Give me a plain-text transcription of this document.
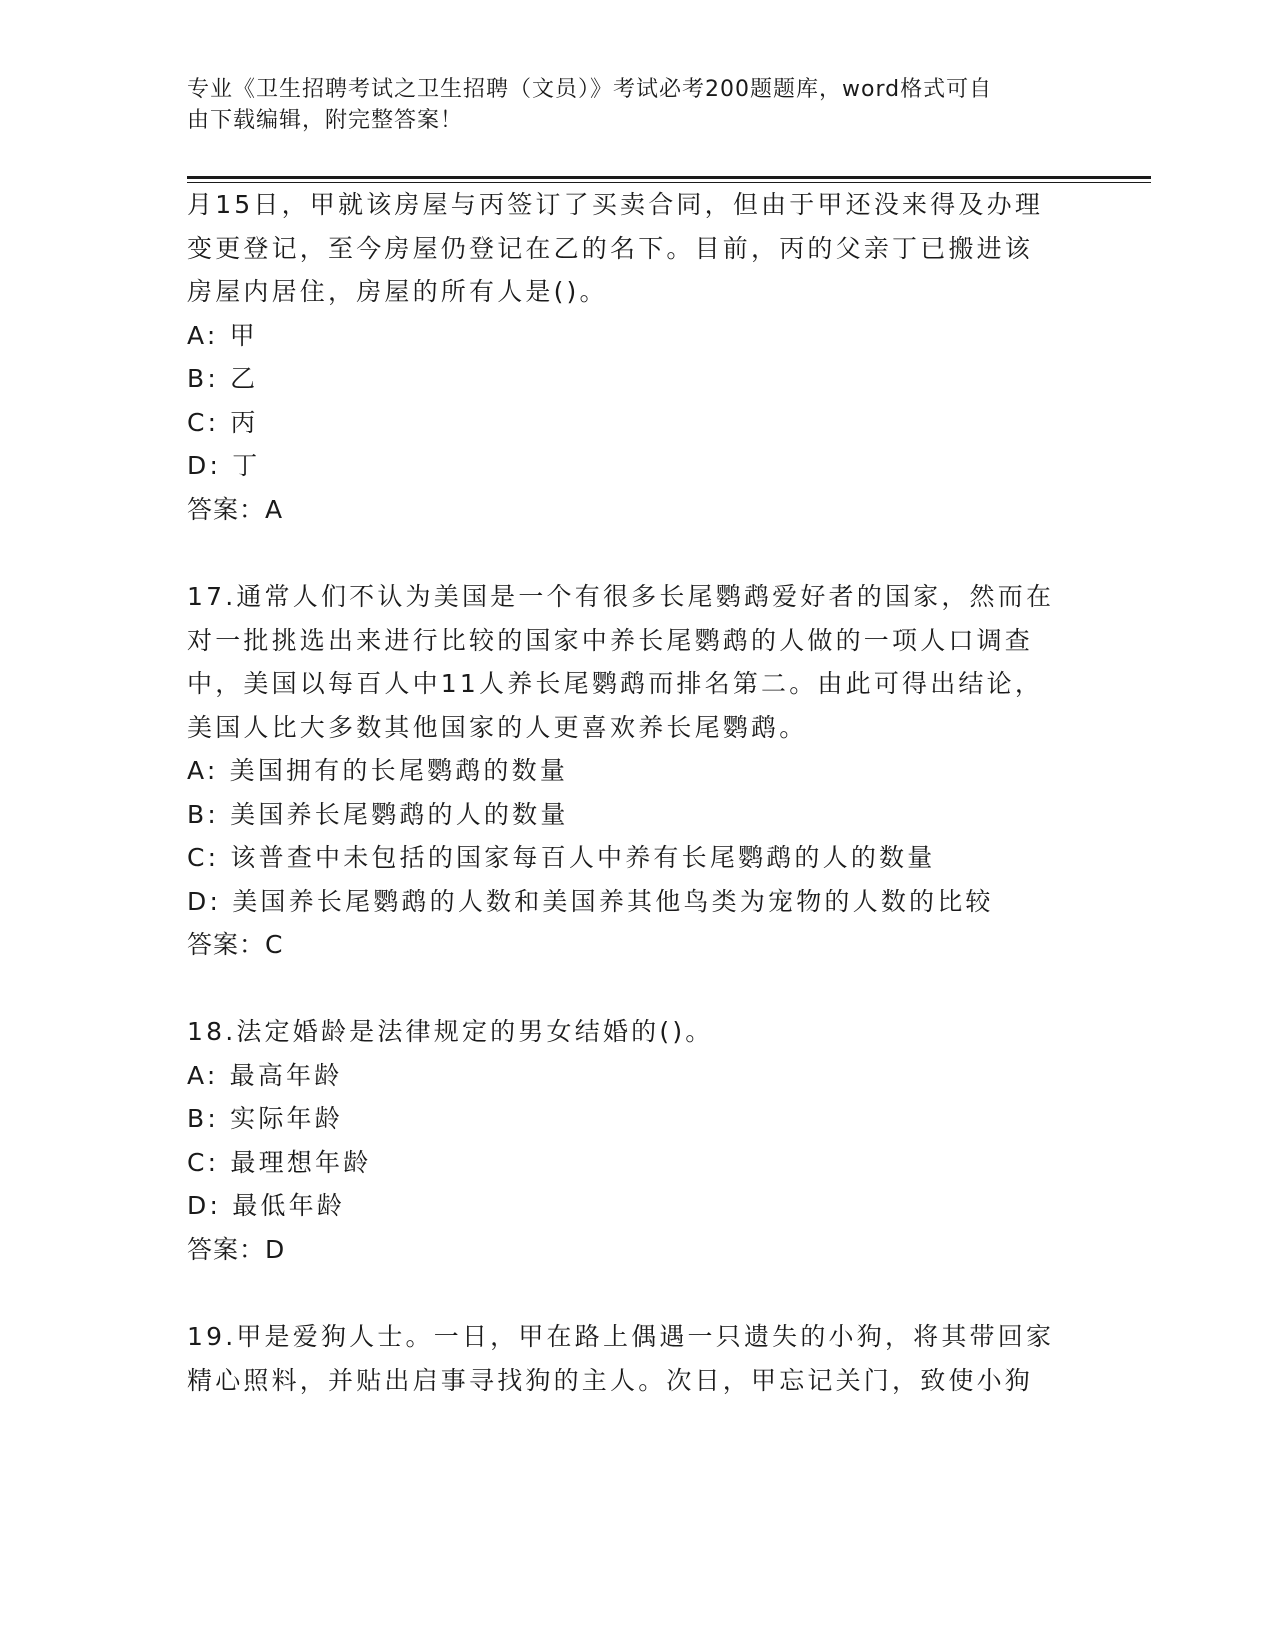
专业《卫生招聘考试之卫生招聘（文员）》考试必考200题题库，word格式可自
由下载编辑，附完整答案！
月15日，甲就该房屋与丙签订了买卖合同，但由于甲还没来得及办理
变更登记，至今房屋仍登记在乙的名下。目前，丙的父亲丁已搬进该
房屋内居住，房屋的所有人是()。
A: 甲
B: 乙
C: 丙
D: 丁
答案：A
17.通常人们不认为美国是一个有很多长尾鹦鹉爱好者的国家，然而在
对一批挑选出来进行比较的国家中养长尾鹦鹉的人做的一项人口调查
中，美国以每百人中11人养长尾鹦鹉而排名第二。由此可得出结论，
美国人比大多数其他国家的人更喜欢养长尾鹦鹉。
A: 美国拥有的长尾鹦鹉的数量
B: 美国养长尾鹦鹉的人的数量
C: 该普查中未包括的国家每百人中养有长尾鹦鹉的人的数量
D: 美国养长尾鹦鹉的人数和美国养其他鸟类为宠物的人数的比较
答案：C
18.法定婚龄是法律规定的男女结婚的()。
A: 最高年龄
B: 实际年龄
C: 最理想年龄
D: 最低年龄
答案：D
19.甲是爱狗人士。一日，甲在路上偶遇一只遗失的小狗，将其带回家
精心照料，并贴出启事寻找狗的主人。次日，甲忘记关门，致使小狗
